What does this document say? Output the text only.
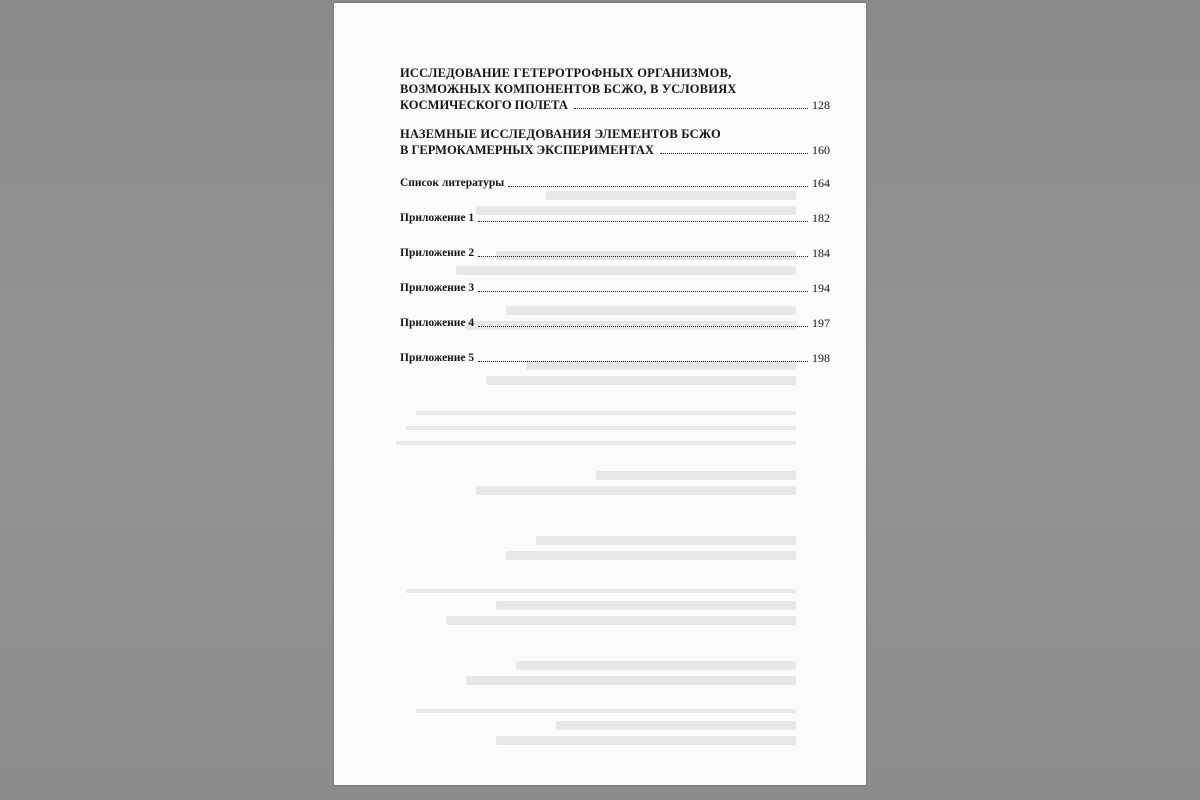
ИССЛЕДОВАНИЕ ГЕТЕРОТРОФНЫХ ОРГАНИЗМОВ,
ВОЗМОЖНЫХ КОМПОНЕНТОВ БСЖО, В УСЛОВИЯХ
КОСМИЧЕСКОГО ПОЛЕТА	128
НАЗЕМНЫЕ ИССЛЕДОВАНИЯ ЭЛЕМЕНТОВ БСЖО
В ГЕРМОКАМЕРНЫХ ЭКСПЕРИМЕНТАХ	160
Список литературы	164
Приложение 1	182
Приложение 2	184
Приложение 3	194
Приложение 4	197
Приложение 5	198
